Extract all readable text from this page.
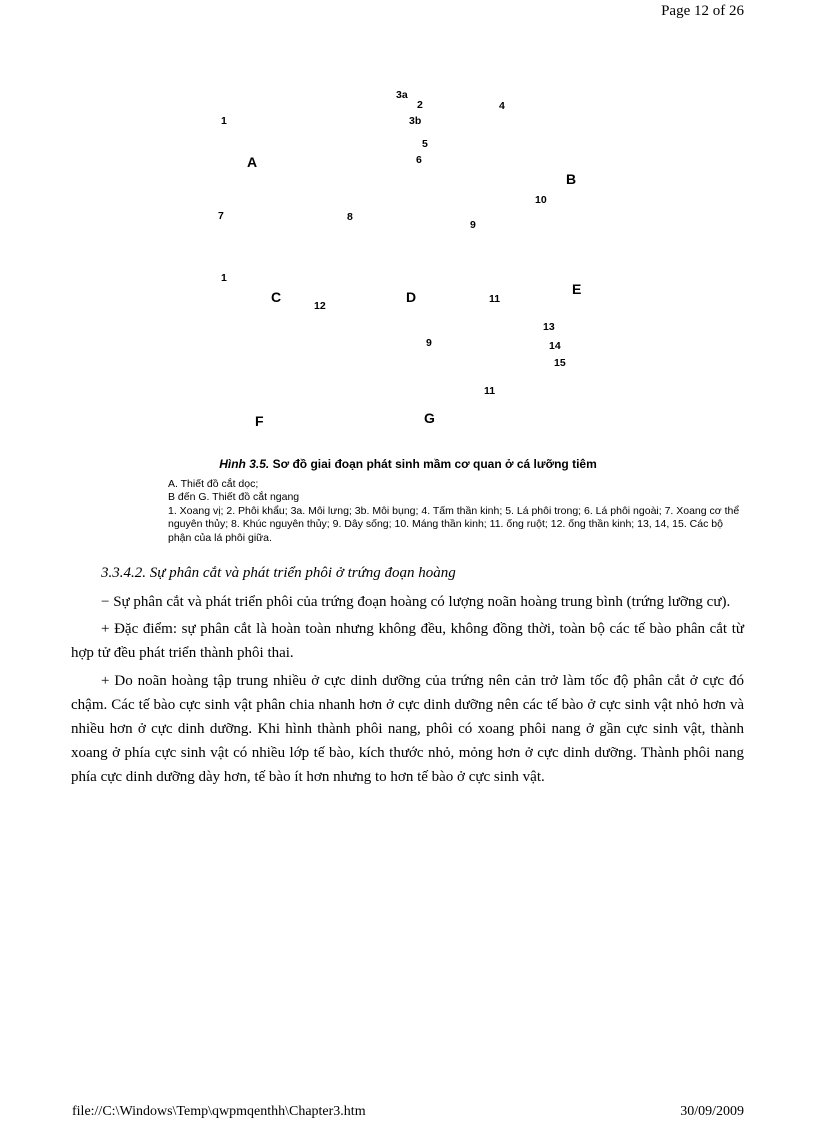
Page 12 of 26
3a
2	4
1	3b
5
A	6
B
10
7	8
9
1
E
C	D	11
12
13
9	14
15
11
G
F
Hình 3.5. Sơ đồ giai đoạn phát sinh mầm cơ quan ở cá lưỡng tiêm

A. Thiết đồ cắt dọc;

B đến G. Thiết đồ cắt ngang

1. Xoang vị; 2. Phôi khẩu; 3a. Môi lưng; 3b. Môi bụng; 4. Tấm thần kinh; 5. Lá phôi trong; 6. Lá phôi ngoài; 7. Xoang cơ thể nguyên thủy; 8. Khúc nguyên thủy; 9. Dây sống; 10. Máng thần kinh; 11. ống ruột; 12. ống thần kinh; 13, 14, 15. Các bộ phận của lá phôi giữa.

3.3.4.2. Sự phân cắt và phát triển phôi ở trứng đoạn hoàng

− Sự phân cắt và phát triển phôi của trứng đoạn hoàng có lượng noãn hoàng trung bình (trứng lưỡng cư).

+ Đặc điểm: sự phân cắt là hoàn toàn nhưng không đều, không đồng thời, toàn bộ các tế bào phân cắt từ hợp tử đều phát triển thành phôi thai.

+ Do noãn hoàng tập trung nhiều ở cực dinh dưỡng của trứng nên cản trở làm tốc độ phân cắt ở cực đó chậm. Các tế bào cực sinh vật phân chia nhanh hơn ở cực dinh dưỡng nên các tế bào ở cực sinh vật nhỏ hơn và nhiều hơn ở cực dinh dưỡng. Khi hình thành phôi nang, phôi có xoang phôi nang ở gần cực sinh vật, thành xoang ở phía cực sinh vật có nhiều lớp tế bào, kích thước nhỏ, mỏng hơn ở cực dinh dưỡng. Thành phôi nang phía cực dinh dưỡng dày hơn, tế bào ít hơn nhưng to hơn tế bào ở cực sinh vật.

file://C:\Windows\Temp\qwpmqenthh\Chapter3.htm	30/09/2009
